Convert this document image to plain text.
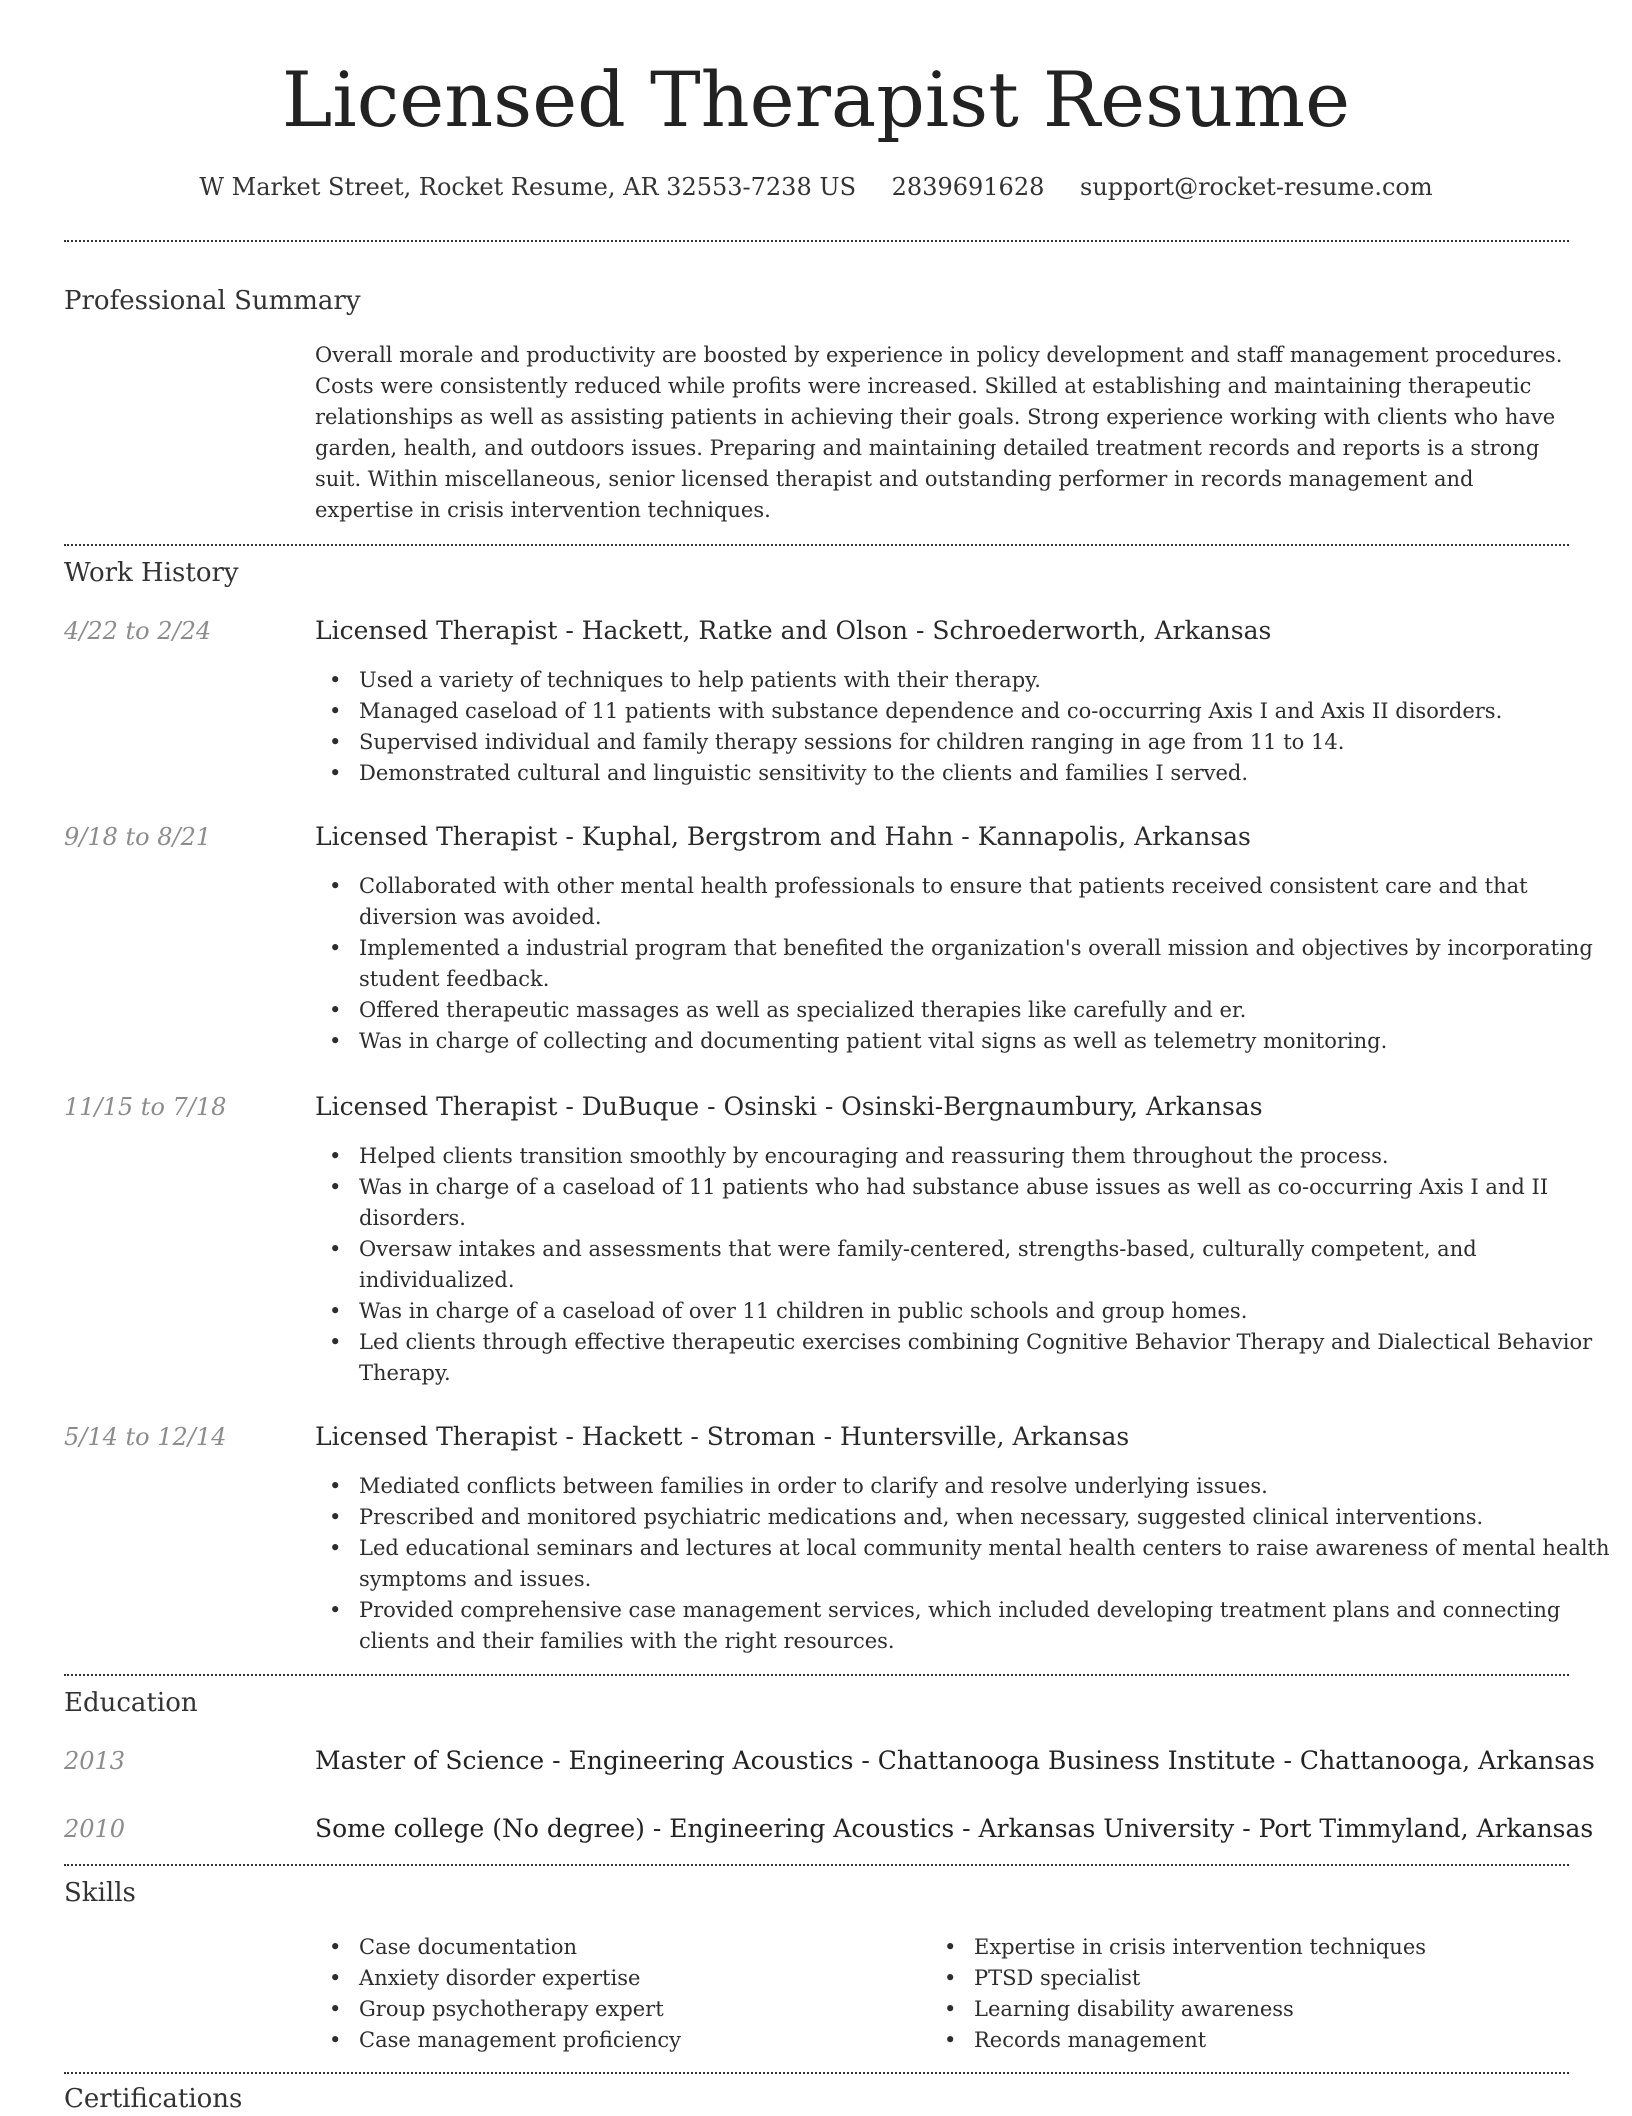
Licensed Therapist Resume
W Market Street, Rocket Resume, AR 32553-7238 US 2839691628 support@rocket-resume.com
Professional Summary

Overall morale and productivity are boosted by experience in policy development and staff management procedures. Costs were consistently reduced while profits were increased. Skilled at establishing and maintaining therapeutic relationships as well as assisting patients in achieving their goals. Strong experience working with clients who have garden, health, and outdoors issues. Preparing and maintaining detailed treatment records and reports is a strong suit. Within miscellaneous, senior licensed therapist and outstanding performer in records management and expertise in crisis intervention techniques.

Work History
4/22 to 2/24	Licensed Therapist - Hackett, Ratke and Olson - Schroederworth, Arkansas
• Used a variety of techniques to help patients with their therapy.
• Managed caseload of 11 patients with substance dependence and co-occurring Axis I and Axis II disorders.
• Supervised individual and family therapy sessions for children ranging in age from 11 to 14.
• Demonstrated cultural and linguistic sensitivity to the clients and families I served.
9/18 to 8/21	Licensed Therapist - Kuphal, Bergstrom and Hahn - Kannapolis, Arkansas
• Collaborated with other mental health professionals to ensure that patients received consistent care and that diversion was avoided.
• Implemented a industrial program that benefited the organization's overall mission and objectives by incorporating student feedback.
• Offered therapeutic massages as well as specialized therapies like carefully and er.
• Was in charge of collecting and documenting patient vital signs as well as telemetry monitoring.
11/15 to 7/18	Licensed Therapist - DuBuque - Osinski - Osinski-Bergnaumbury, Arkansas
• Helped clients transition smoothly by encouraging and reassuring them throughout the process.
• Was in charge of a caseload of 11 patients who had substance abuse issues as well as co-occurring Axis I and II disorders.
• Oversaw intakes and assessments that were family-centered, strengths-based, culturally competent, and individualized.
• Was in charge of a caseload of over 11 children in public schools and group homes.
• Led clients through effective therapeutic exercises combining Cognitive Behavior Therapy and Dialectical Behavior Therapy.
5/14 to 12/14	Licensed Therapist - Hackett - Stroman - Huntersville, Arkansas
• Mediated conflicts between families in order to clarify and resolve underlying issues.
• Prescribed and monitored psychiatric medications and, when necessary, suggested clinical interventions.
• Led educational seminars and lectures at local community mental health centers to raise awareness of mental health symptoms and issues.
• Provided comprehensive case management services, which included developing treatment plans and connecting clients and their families with the right resources.
Education
2013	Master of Science - Engineering Acoustics - Chattanooga Business Institute - Chattanooga, Arkansas
2010	Some college (No degree) - Engineering Acoustics - Arkansas University - Port Timmyland, Arkansas
Skills
• Case documentation
• Anxiety disorder expertise
• Group psychotherapy expert
• Case management proficiency
• Expertise in crisis intervention techniques
• PTSD specialist
• Learning disability awareness
• Records management
Certifications
